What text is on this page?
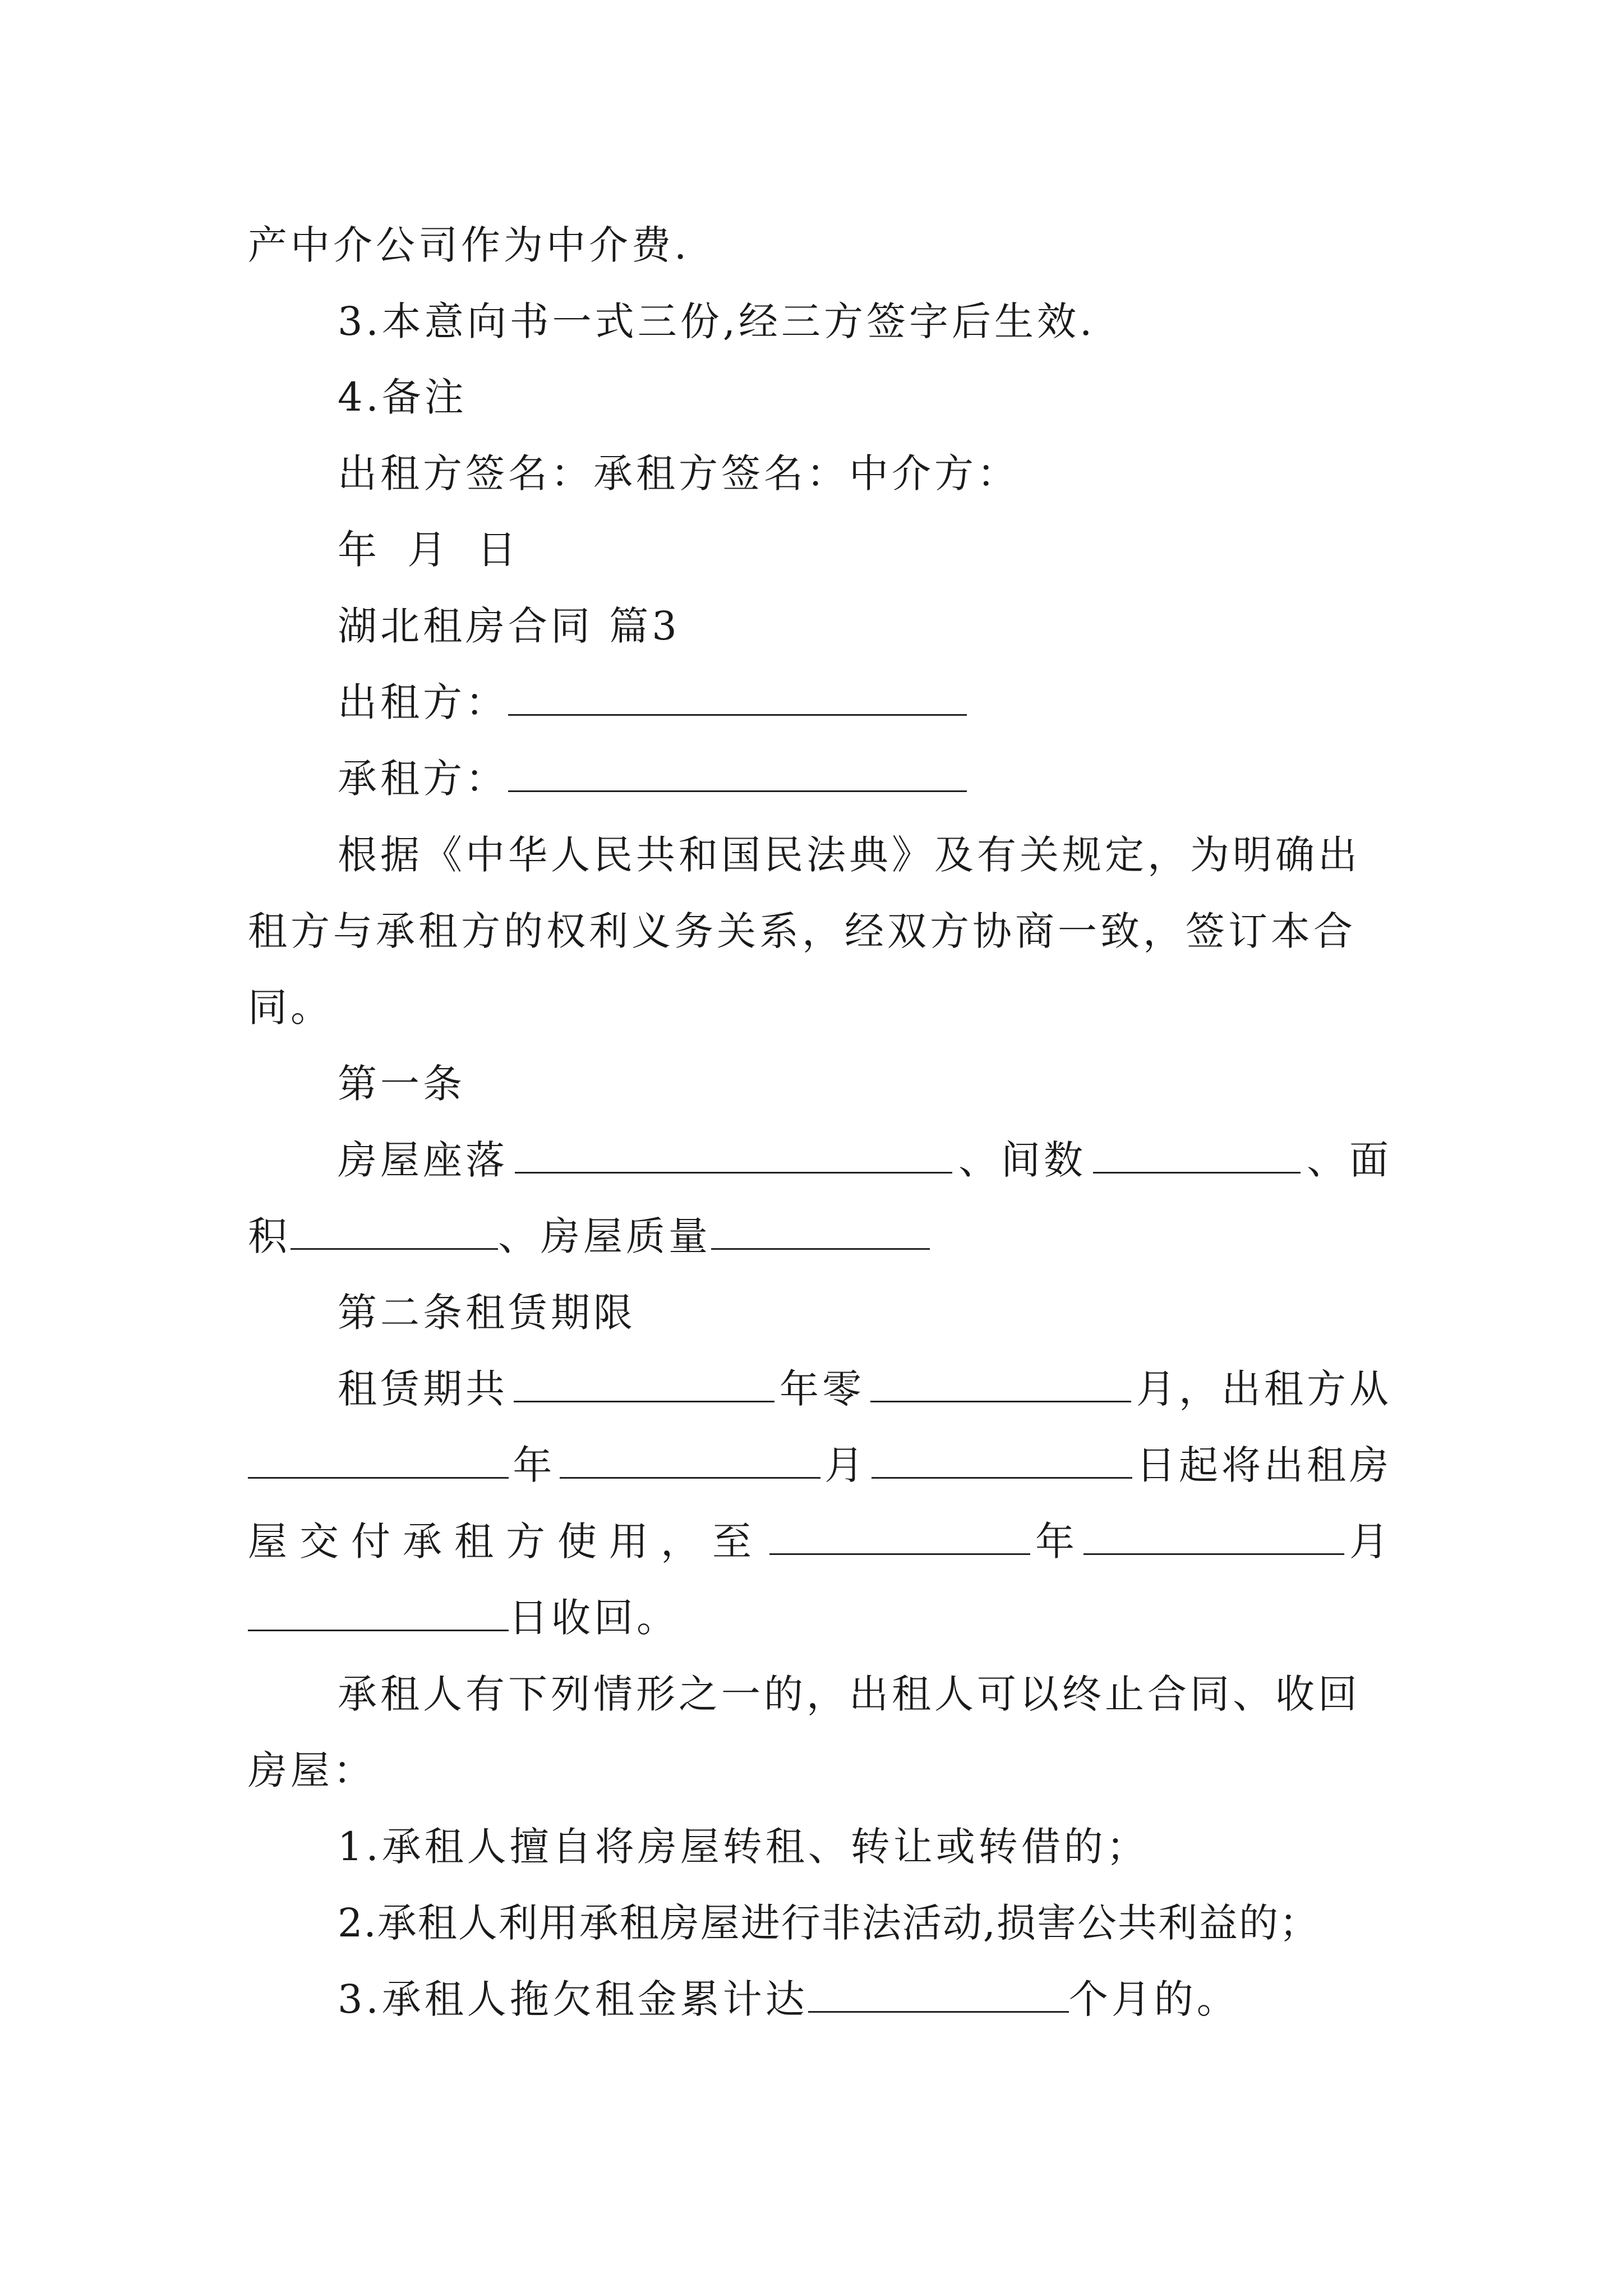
产中介公司作为中介费.
3.本意向书一式三份,经三方签字后生效.
4.备注
出租方签名：承租方签名：中介方：
年 月 日
湖北租房合同 篇3
出租方：
承租方：
根据《中华人民共和国民法典》及有关规定，为明确出
租方与承租方的权利义务关系，经双方协商一致，签订本合
同。
第一条
房屋座落	、间数	、面
积	、房屋质量
第二条租赁期限
租赁期共	年零	月，出租方从
年	月	日起将出租房
屋交付承租方使用，至	年	月
日收回。
承租人有下列情形之一的，出租人可以终止合同、收回
房屋：
1.承租人擅自将房屋转租、转让或转借的；
2.承租人利用承租房屋进行非法活动,损害公共利益的；
3.承租人拖欠租金累计达	个月的。
